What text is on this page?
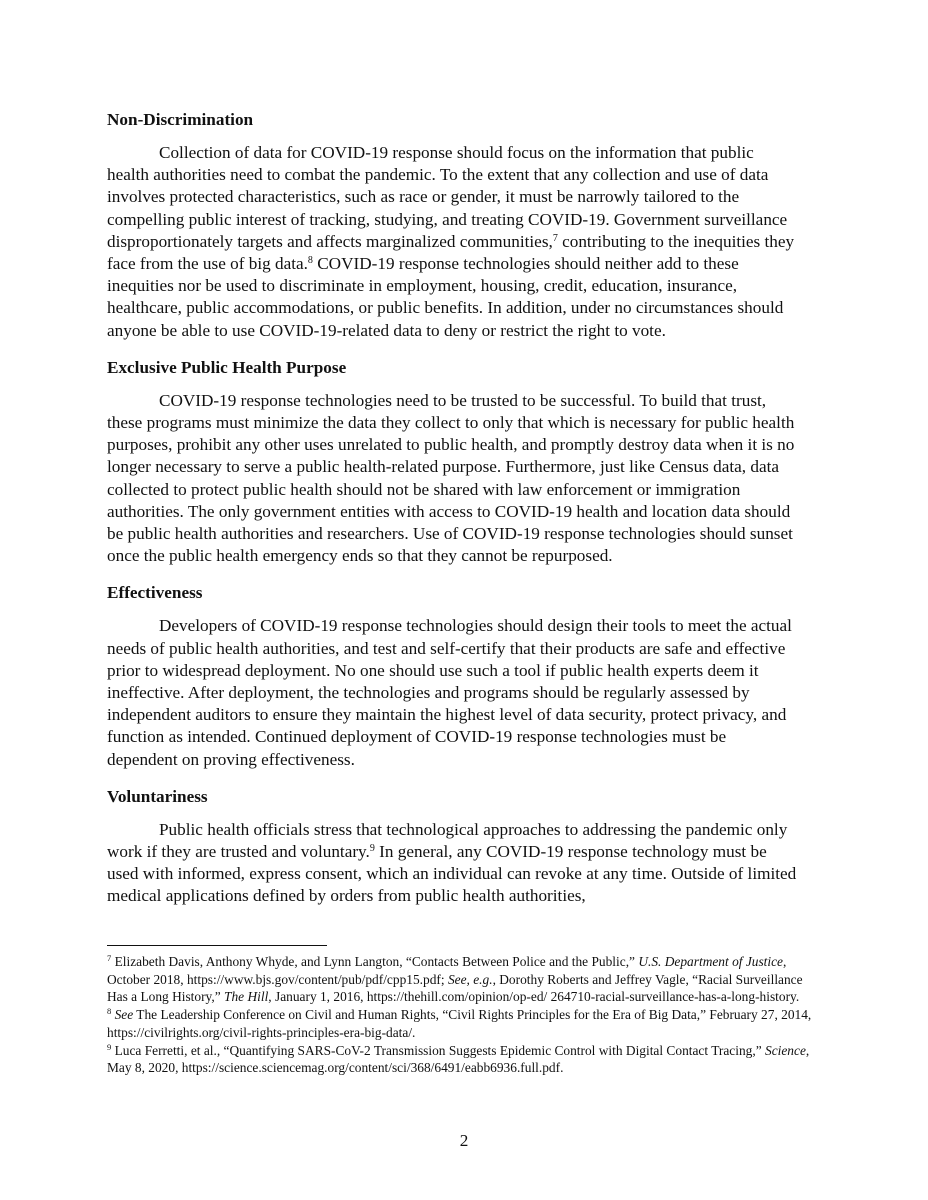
Non-Discrimination

Collection of data for COVID-19 response should focus on the information that public health authorities need to combat the pandemic. To the extent that any collection and use of data involves protected characteristics, such as race or gender, it must be narrowly tailored to the compelling public interest of tracking, studying, and treating COVID-19. Government surveillance disproportionately targets and affects marginalized communities,$^7$ contributing to the inequities they face from the use of big data.$^8$ COVID-19 response technologies should neither add to these inequities nor be used to discriminate in employment, housing, credit, education, insurance, healthcare, public accommodations, or public benefits. In addition, under no circumstances should anyone be able to use COVID-19-related data to deny or restrict the right to vote.

Exclusive Public Health Purpose

COVID-19 response technologies need to be trusted to be successful. To build that trust, these programs must minimize the data they collect to only that which is necessary for public health purposes, prohibit any other uses unrelated to public health, and promptly destroy data when it is no longer necessary to serve a public health-related purpose. Furthermore, just like Census data, data collected to protect public health should not be shared with law enforcement or immigration authorities. The only government entities with access to COVID-19 health and location data should be public health authorities and researchers. Use of COVID-19 response technologies should sunset once the public health emergency ends so that they cannot be repurposed.

Effectiveness

Developers of COVID-19 response technologies should design their tools to meet the actual needs of public health authorities, and test and self-certify that their products are safe and effective prior to widespread deployment. No one should use such a tool if public health experts deem it ineffective. After deployment, the technologies and programs should be regularly assessed by independent auditors to ensure they maintain the highest level of data security, protect privacy, and function as intended. Continued deployment of COVID-19 response technologies must be dependent on proving effectiveness.

Voluntariness

Public health officials stress that technological approaches to addressing the pandemic only work if they are trusted and voluntary.$^9$ In general, any COVID-19 response technology must be used with informed, express consent, which an individual can revoke at any time. Outside of limited medical applications defined by orders from public health authorities,

$^7$ Elizabeth Davis, Anthony Whyde, and Lynn Langton, “Contacts Between Police and the Public,” U.S. Department of Justice, October 2018, https://www.bjs.gov/content/pub/pdf/cpp15.pdf; See, e.g., Dorothy Roberts and Jeffrey Vagle, “Racial Surveillance Has a Long History,” The Hill, January 1, 2016, https://thehill.com/opinion/op-ed/ 264710-racial-surveillance-has-a-long-history.

$^8$ See The Leadership Conference on Civil and Human Rights, “Civil Rights Principles for the Era of Big Data,” February 27, 2014, https://civilrights.org/civil-rights-principles-era-big-data/.

$^9$ Luca Ferretti, et al., “Quantifying SARS-CoV-2 Transmission Suggests Epidemic Control with Digital Contact Tracing,” Science, May 8, 2020, https://science.sciencemag.org/content/sci/368/6491/eabb6936.full.pdf.

2
